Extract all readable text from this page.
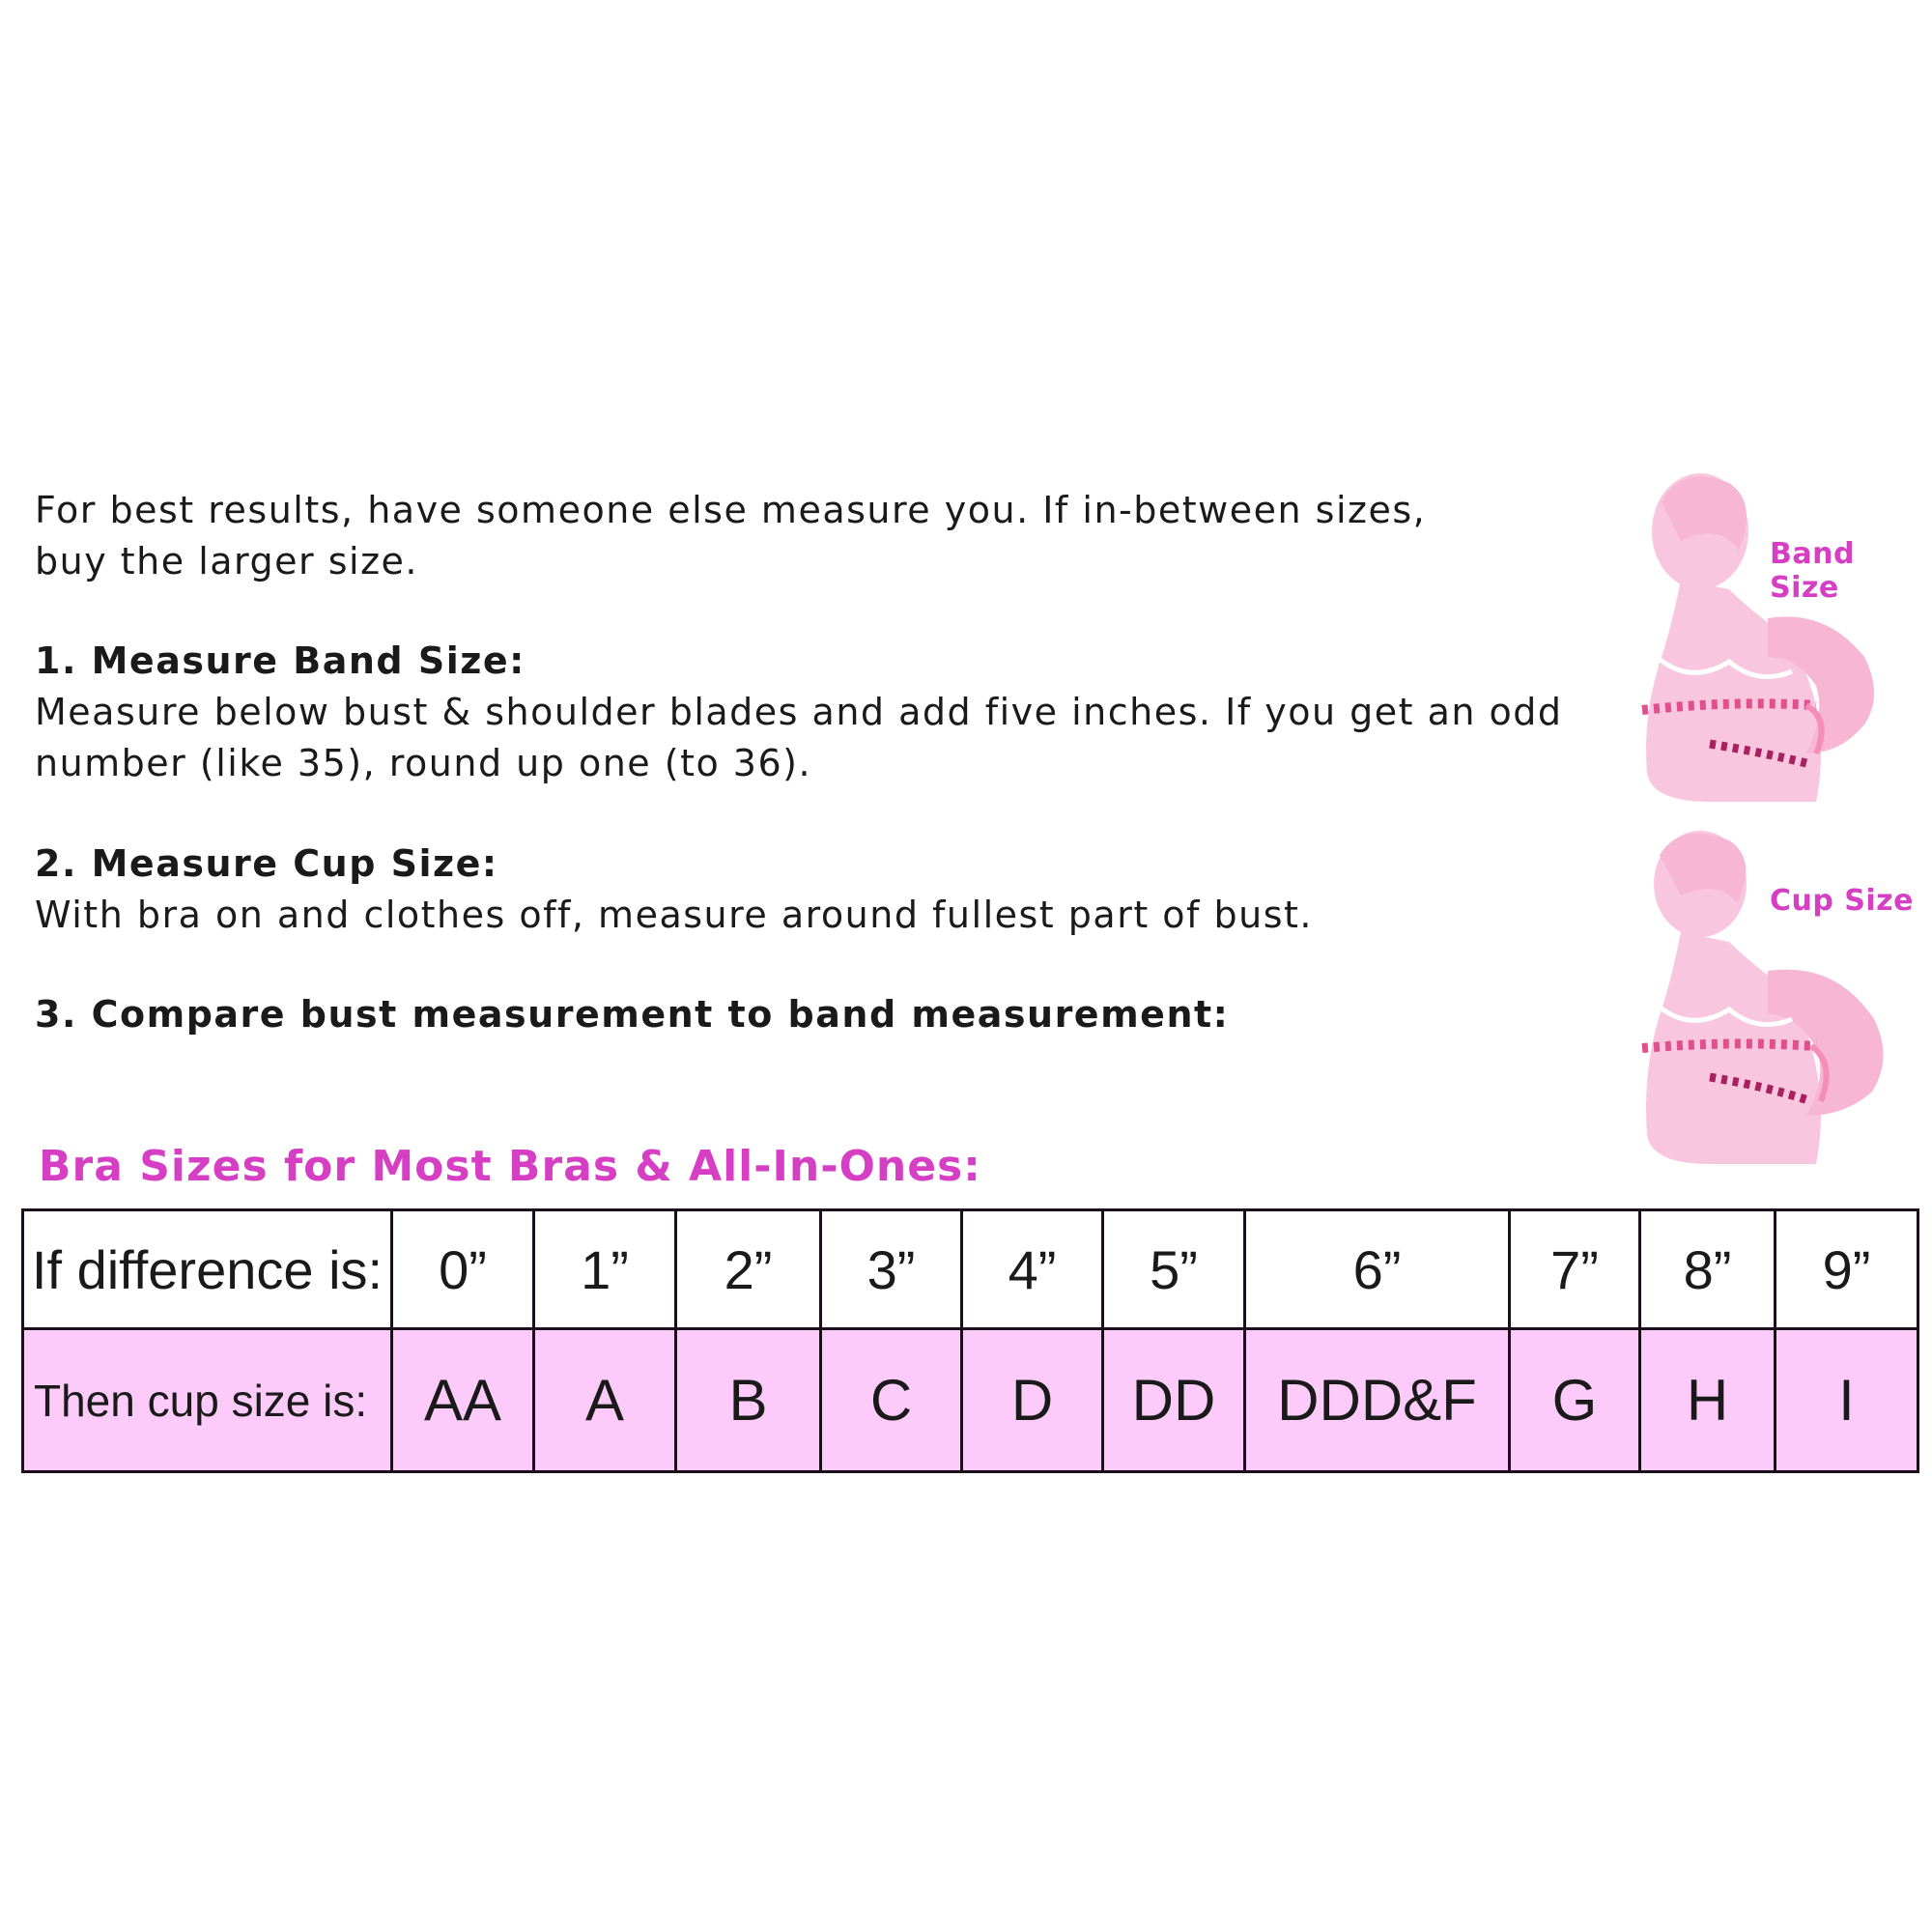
For best results, have someone else measure you. If in-between sizes,
buy the larger size.

1. Measure Band Size:
Measure below bust & shoulder blades and add five inches. If you get an odd
number (like 35), round up one (to 36).
2. Measure Cup Size:
With bra on and clothes off, measure around fullest part of bust.
3. Compare bust measurement to band measurement:
Band Size
Cup Size
Bra Sizes for Most Bras & All-In-Ones:
If difference is:	0”	1”	2”	3”	4”	5”	6”	7”	8”	9”
Then cup size is:	AA	A	B	C	D	DD	DDD&F	G	H	I
